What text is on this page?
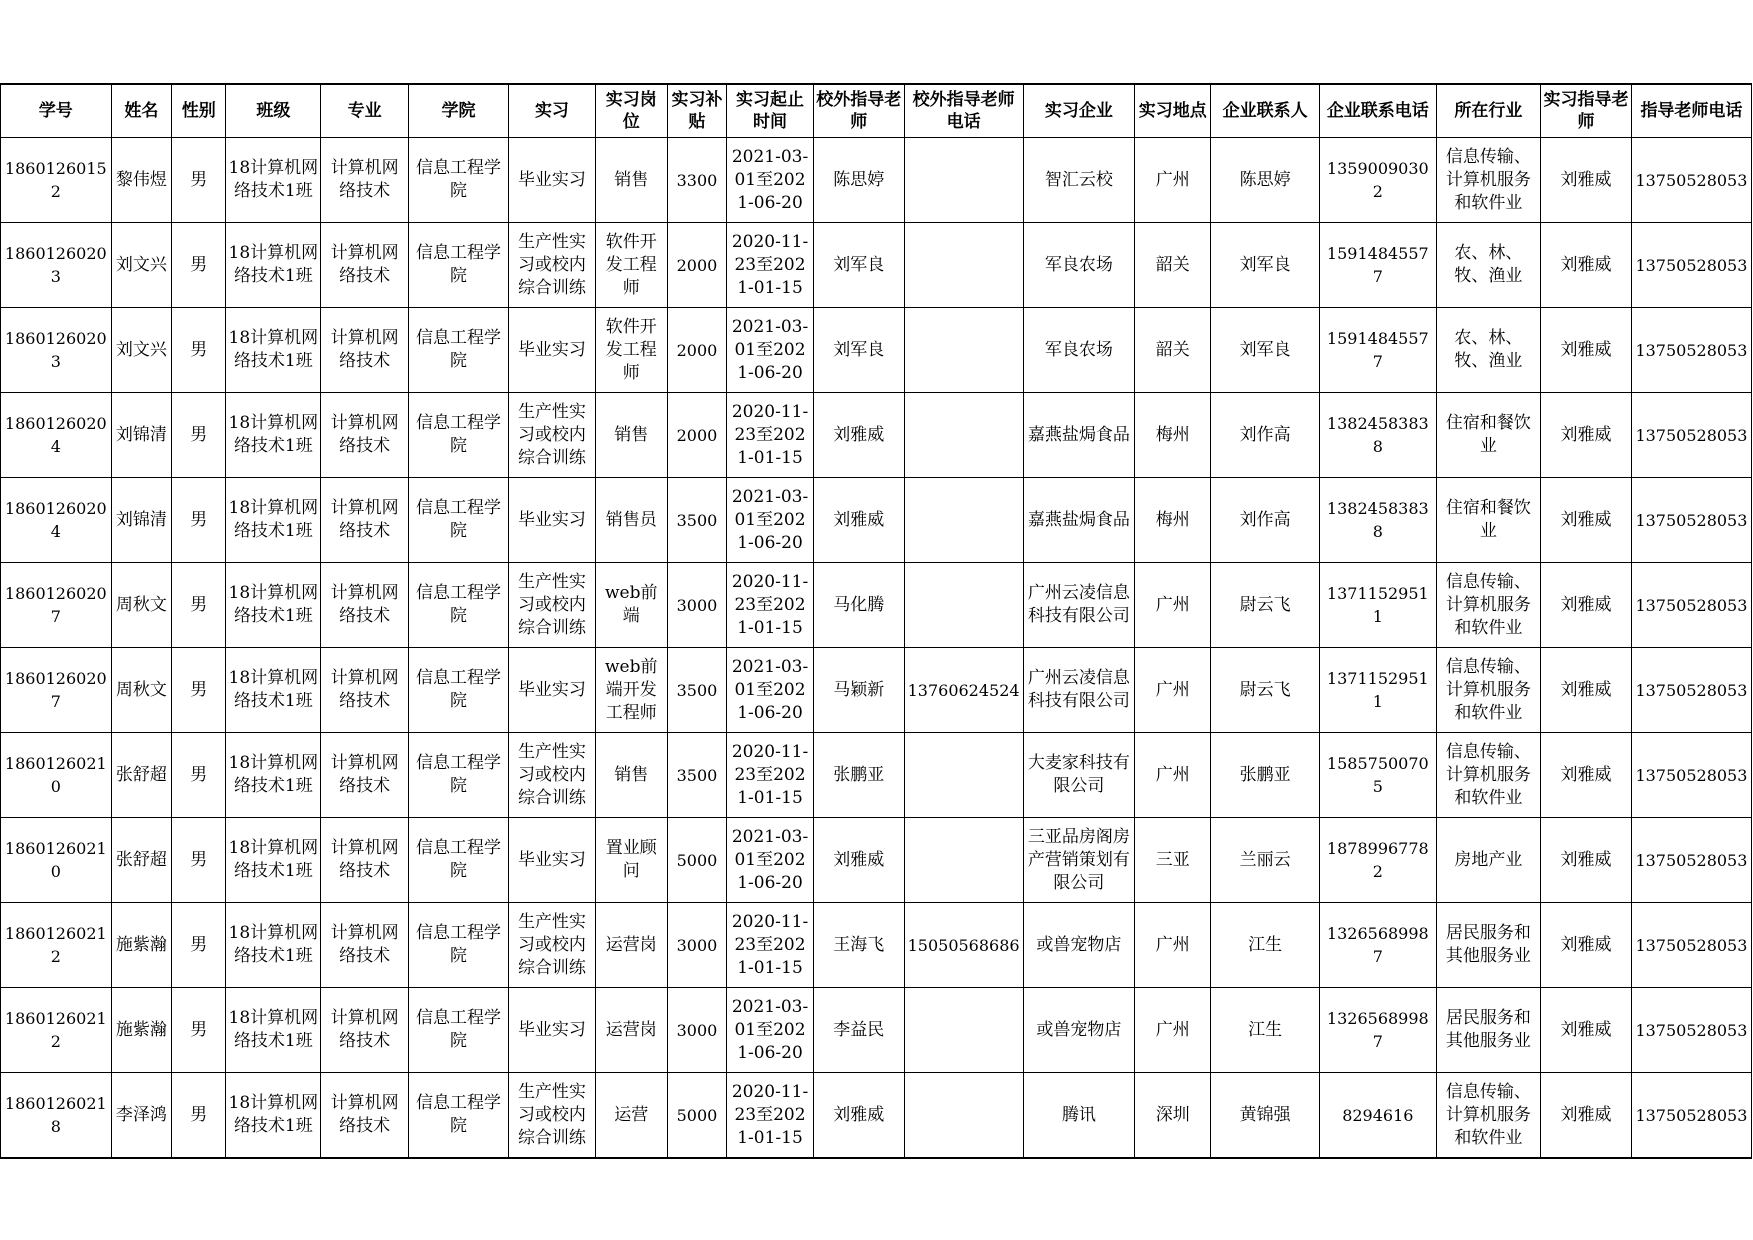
学号	姓名	性别	班级	专业	学院	实习	实习岗位	实习补贴	实习起止时间	校外指导老师	校外指导老师电话	实习企业	实习地点	企业联系人	企业联系电话	所在行业	实习指导老师	指导老师电话

18601260152	黎伟煜	男	18计算机网络技术1班	计算机网络技术	信息工程学院	毕业实习	销售	3300	2021-03-01至2021-06-20	陈思婷		智汇云校	广州	陈思婷	13590090302	信息传输、计算机服务和软件业	刘雅威	13750528053

18601260203	刘文兴	男	18计算机网络技术1班	计算机网络技术	信息工程学院	生产性实习或校内综合训练	软件开发工程师	2000	2020-11-23至2021-01-15	刘军良		军良农场	韶关	刘军良	15914845577	农、林、牧、渔业	刘雅威	13750528053

18601260203	刘文兴	男	18计算机网络技术1班	计算机网络技术	信息工程学院	毕业实习	软件开发工程师	2000	2021-03-01至2021-06-20	刘军良		军良农场	韶关	刘军良	15914845577	农、林、牧、渔业	刘雅威	13750528053

18601260204	刘锦清	男	18计算机网络技术1班	计算机网络技术	信息工程学院	生产性实习或校内综合训练	销售	2000	2020-11-23至2021-01-15	刘雅威		嘉燕盐焗食品	梅州	刘作高	13824583838	住宿和餐饮业	刘雅威	13750528053

18601260204	刘锦清	男	18计算机网络技术1班	计算机网络技术	信息工程学院	毕业实习	销售员	3500	2021-03-01至2021-06-20	刘雅威		嘉燕盐焗食品	梅州	刘作高	13824583838	住宿和餐饮业	刘雅威	13750528053

18601260207	周秋文	男	18计算机网络技术1班	计算机网络技术	信息工程学院	生产性实习或校内综合训练	web前端	3000	2020-11-23至2021-01-15	马化腾		广州云凌信息科技有限公司	广州	尉云飞	13711529511	信息传输、计算机服务和软件业	刘雅威	13750528053

18601260207	周秋文	男	18计算机网络技术1班	计算机网络技术	信息工程学院	毕业实习	web前端开发工程师	3500	2021-03-01至2021-06-20	马颖新	13760624524	广州云凌信息科技有限公司	广州	尉云飞	13711529511	信息传输、计算机服务和软件业	刘雅威	13750528053

18601260210	张舒超	男	18计算机网络技术1班	计算机网络技术	信息工程学院	生产性实习或校内综合训练	销售	3500	2020-11-23至2021-01-15	张鹏亚		大麦家科技有限公司	广州	张鹏亚	15857500705	信息传输、计算机服务和软件业	刘雅威	13750528053

18601260210	张舒超	男	18计算机网络技术1班	计算机网络技术	信息工程学院	毕业实习	置业顾问	5000	2021-03-01至2021-06-20	刘雅威		三亚品房阁房产营销策划有限公司	三亚	兰丽云	18789967782	房地产业	刘雅威	13750528053

18601260212	施紫瀚	男	18计算机网络技术1班	计算机网络技术	信息工程学院	生产性实习或校内综合训练	运营岗	3000	2020-11-23至2021-01-15	王海飞	15050568686	或兽宠物店	广州	江生	13265689987	居民服务和其他服务业	刘雅威	13750528053

18601260212	施紫瀚	男	18计算机网络技术1班	计算机网络技术	信息工程学院	毕业实习	运营岗	3000	2021-03-01至2021-06-20	李益民		或兽宠物店	广州	江生	13265689987	居民服务和其他服务业	刘雅威	13750528053

18601260218	李泽鸿	男	18计算机网络技术1班	计算机网络技术	信息工程学院	生产性实习或校内综合训练	运营	5000	2020-11-23至2021-01-15	刘雅威		腾讯	深圳	黄锦强	8294616	信息传输、计算机服务和软件业	刘雅威	13750528053
